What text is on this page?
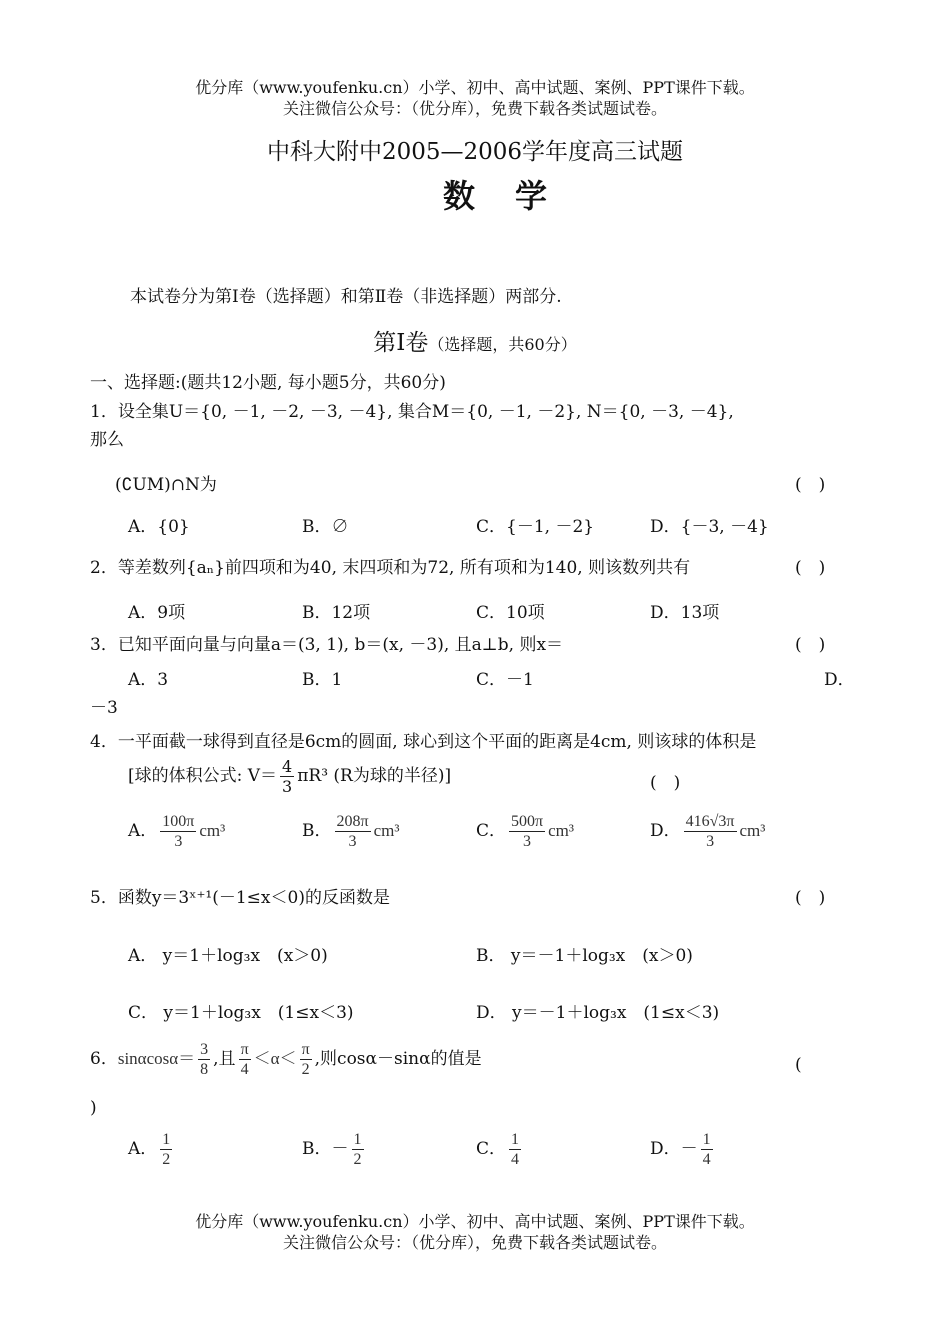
优分库（www.youfenku.cn）小学、初中、高中试题、案例、PPT课件下载。
关注微信公众号：（优分库），免费下载各类试题试卷。
中科大附中2005—2006学年度高三试题
数学
本试卷分为第Ⅰ卷（选择题）和第Ⅱ卷（非选择题）两部分.
第Ⅰ卷（选择题，共60分）
一、选择题:(题共12小题, 每小题5分，共60分)
1．设全集U＝{0, －1, －2, －3, －4}, 集合M＝{0, －1, －2}, N＝{0, －3, －4},
那么
(∁UM)∩N为	(　)
A．{0}	B．∅	C．{－1, －2}	D．{－3, －4}
2．等差数列{aₙ}前四项和为40, 末四项和为72, 所有项和为140, 则该数列共有	(　)
A．9项	B．12项	C．10项	D．13项
3．已知平面向量与向量a＝(3, 1), b＝(x, －3), 且a⊥b, 则x＝	(　)
A．3	B．1	C．－1	D．
－3
4．一平面截一球得到直径是6cm的圆面, 球心到这个平面的距离是4cm, 则该球的体积是
[球的体积公式: $V= \frac{4}{3} \pi R^3$ (R为球的半径)]	(　)
A． $\frac{100\pi}{3} cm^3$	B． $\frac{208\pi}{3} cm^3$	C． $\frac{500\pi}{3} cm^3$	D． $\frac{416√3\pi}{3} cm^3$
5．函数y＝3ˣ⁺¹(－1≤x＜0)的反函数是	(　)
A． y＝1＋log₃x　(x＞0)	B． y＝－1＋log₃x　(x＞0)
C． y＝1＋log₃x　(1≤x＜3)	D． y＝－1＋log₃x　(1≤x＜3)
6．$\sin\alpha\cos\alpha= \frac{3}{8}$ ,且 $\frac{\pi}{4} <\alpha< \frac{\pi}{2}$ ,则cosα－sinα的值是	(
)
A． $\frac{1}{2}$	B．－ $\frac{1}{2}$	C． $\frac{1}{4}$	D．－ $\frac{1}{4}$
优分库（www.youfenku.cn）小学、初中、高中试题、案例、PPT课件下载。
关注微信公众号：（优分库），免费下载各类试题试卷。
